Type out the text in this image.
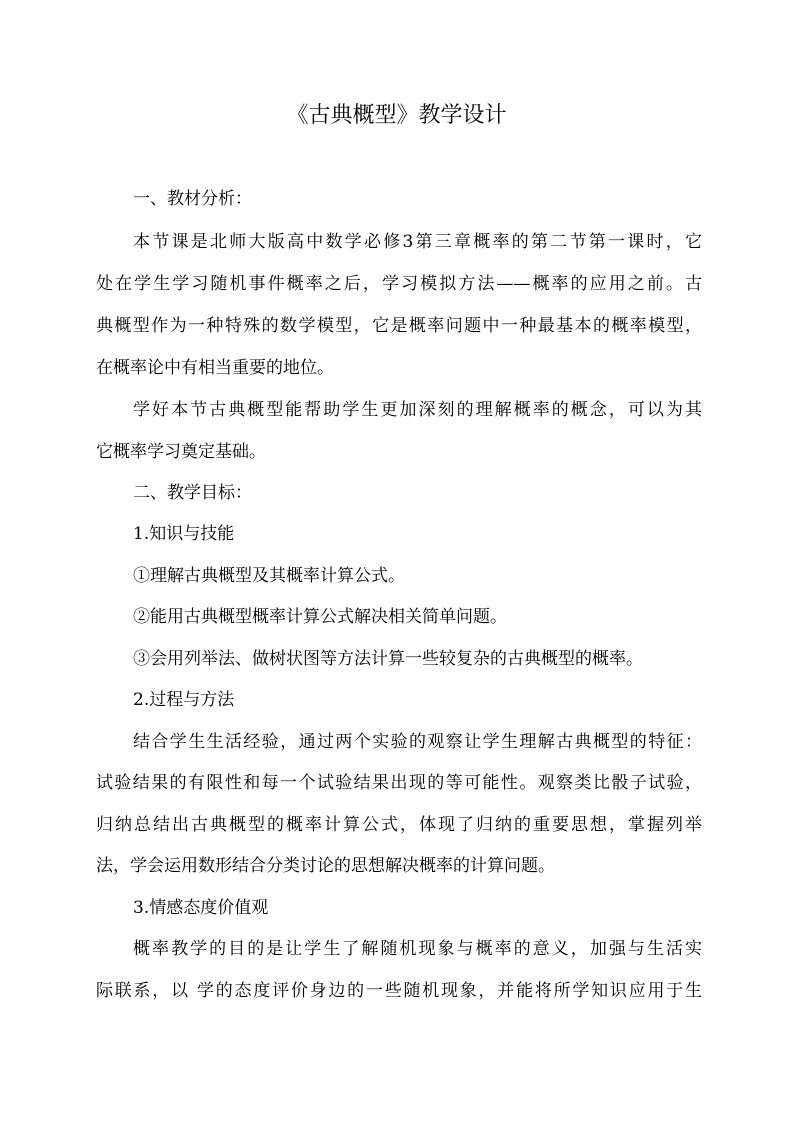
《古典概型》教学设计
一、教材分析：
本节课是北师大版高中数学必修3第三章概率的第二节第一课时，它
处在学生学习随机事件概率之后，学习模拟方法——概率的应用之前。古
典概型作为一种特殊的数学模型，它是概率问题中一种最基本的概率模型，
在概率论中有相当重要的地位。
学好本节古典概型能帮助学生更加深刻的理解概率的概念，可以为其
它概率学习奠定基础。
二、教学目标：
1.知识与技能
①理解古典概型及其概率计算公式。
②能用古典概型概率计算公式解决相关简单问题。
③会用列举法、做树状图等方法计算一些较复杂的古典概型的概率。
2.过程与方法
结合学生生活经验，通过两个实验的观察让学生理解古典概型的特征：
试验结果的有限性和每一个试验结果出现的等可能性。观察类比骰子试验，
归纳总结出古典概型的概率计算公式，体现了归纳的重要思想，掌握列举
法，学会运用数形结合分类讨论的思想解决概率的计算问题。
3.情感态度价值观
概率教学的目的是让学生了解随机现象与概率的意义，加强与生活实
际联系，以 学的态度评价身边的一些随机现象，并能将所学知识应用于生
